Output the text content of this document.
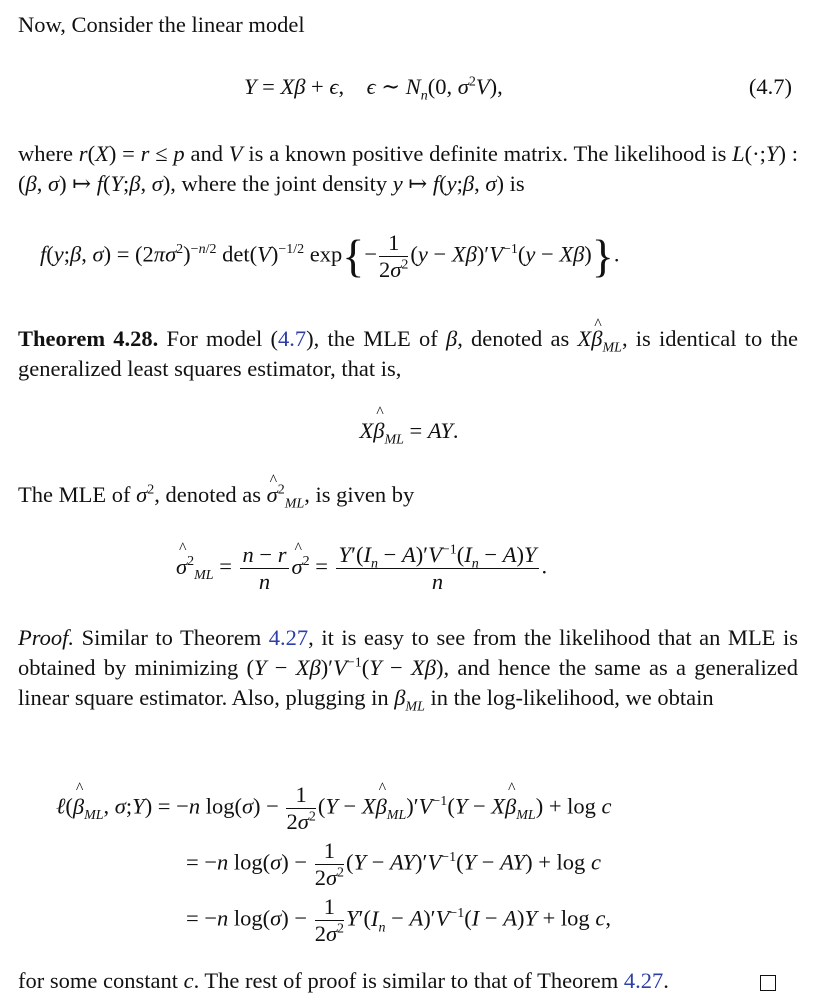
Now, Consider the linear model
Y = Xβ + ϵ,    ϵ ∼ $N_n(0$, $\sigma^2V$),	(4.7)
where r(X) = r ≤ p and V is a known positive definite matrix. The likelihood is L(·;Y) : (β, σ) ↦ f(Y;β, σ), where the joint density y ↦ f(y;β, σ) is
f(y;β, $\sigma) = (2\pi\sigma^2)^{-n/2}$ $\det(V)^{-1/2}$ $\exp\{- \frac{1}{2\sigma^2} (y - X\beta)'V^{-1}(y - X\beta)\}$.
Theorem 4.28. For model (4.7), the MLE of β, denoted as X^ $\beta_{ML}$, is identical to the generalized least squares estimator, that is,
X^ $\beta_{ML}$ = AY.
The MLE of $\sigma^2$, denoted as ^ $\sigma^2_{ML}$, is given by
^ $\sigma^2_{ML} = \frac{n - r}{n}$
^ $\sigma^2 = \frac{Y'(I_n - A)'V^{-1}(I_n - A)Y}{n}$ .
Proof. Similar to Theorem 4.27, it is easy to see from the likelihood that an MLE is obtained by minimizing $(Y - X\beta)'V^{-1}(Y - X\beta)$, and hence the same as a generalized linear square estimator. Also, plugging in $\beta_{ML}$ in the log-likelihood, we obtain
ℓ(^ $\beta_{ML}$, σ;Y) = −n $\log(\sigma) - \frac{1}{2\sigma^2} (Y$ − X^ $\beta_{ML})'V^{-1}(Y$ − X^ $\beta_{ML}) + \log c$
= −n $\log(\sigma) - \frac{1}{2\sigma^2} (Y - AY)'V^{-1}(Y - AY) + \log c$
= −n $\log(\sigma) - \frac{1}{2\sigma^2} Y'(I_n - A)'V^{-1}(I - A)Y + \log c$,
for some constant c. The rest of proof is similar to that of Theorem 4.27.
